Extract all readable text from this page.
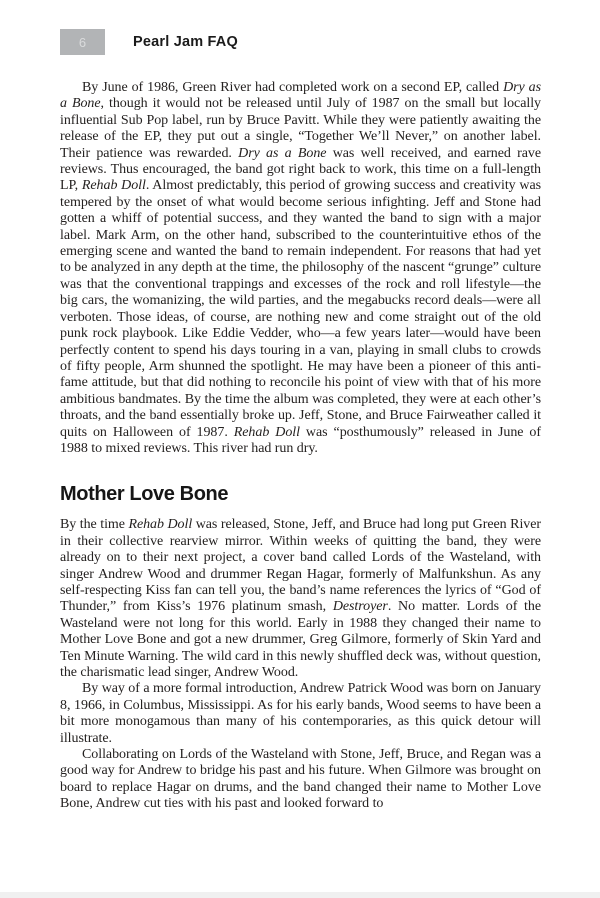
6	Pearl Jam FAQ

By June of 1986, Green River had completed work on a second EP, called Dry as a Bone, though it would not be released until July of 1987 on the small but locally influential Sub Pop label, run by Bruce Pavitt. While they were patiently awaiting the release of the EP, they put out a single, “Together We’ll Never,” on another label. Their patience was rewarded. Dry as a Bone was well received, and earned rave reviews. Thus encouraged, the band got right back to work, this time on a full-length LP, Rehab Doll. Almost predictably, this period of growing success and creativity was tempered by the onset of what would become serious infighting. Jeff and Stone had gotten a whiff of potential success, and they wanted the band to sign with a major label. Mark Arm, on the other hand, subscribed to the counterintuitive ethos of the emerging scene and wanted the band to remain independent. For reasons that had yet to be analyzed in any depth at the time, the philosophy of the nascent “grunge” culture was that the conventional trappings and excesses of the rock and roll lifestyle—the big cars, the womanizing, the wild parties, and the megabucks record deals—were all verboten. Those ideas, of course, are nothing new and come straight out of the old punk rock playbook. Like Eddie Vedder, who—a few years later—would have been perfectly content to spend his days touring in a van, playing in small clubs to crowds of fifty people, Arm shunned the spotlight. He may have been a pioneer of this anti-fame attitude, but that did nothing to reconcile his point of view with that of his more ambitious bandmates. By the time the album was completed, they were at each other’s throats, and the band essentially broke up. Jeff, Stone, and Bruce Fairweather called it quits on Halloween of 1987. Rehab Doll was “posthumously” released in June of 1988 to mixed reviews. This river had run dry.

Mother Love Bone

By the time Rehab Doll was released, Stone, Jeff, and Bruce had long put Green River in their collective rearview mirror. Within weeks of quitting the band, they were already on to their next project, a cover band called Lords of the Wasteland, with singer Andrew Wood and drummer Regan Hagar, formerly of Malfunkshun. As any self-respecting Kiss fan can tell you, the band’s name references the lyrics of “God of Thunder,” from Kiss’s 1976 platinum smash, Destroyer. No matter. Lords of the Wasteland were not long for this world. Early in 1988 they changed their name to Mother Love Bone and got a new drummer, Greg Gilmore, formerly of Skin Yard and Ten Minute Warning. The wild card in this newly shuffled deck was, without question, the charismatic lead singer, Andrew Wood.

By way of a more formal introduction, Andrew Patrick Wood was born on January 8, 1966, in Columbus, Mississippi. As for his early bands, Wood seems to have been a bit more monogamous than many of his contemporaries, as this quick detour will illustrate.

Collaborating on Lords of the Wasteland with Stone, Jeff, Bruce, and Regan was a good way for Andrew to bridge his past and his future. When Gilmore was brought on board to replace Hagar on drums, and the band changed their name to Mother Love Bone, Andrew cut ties with his past and looked forward to
